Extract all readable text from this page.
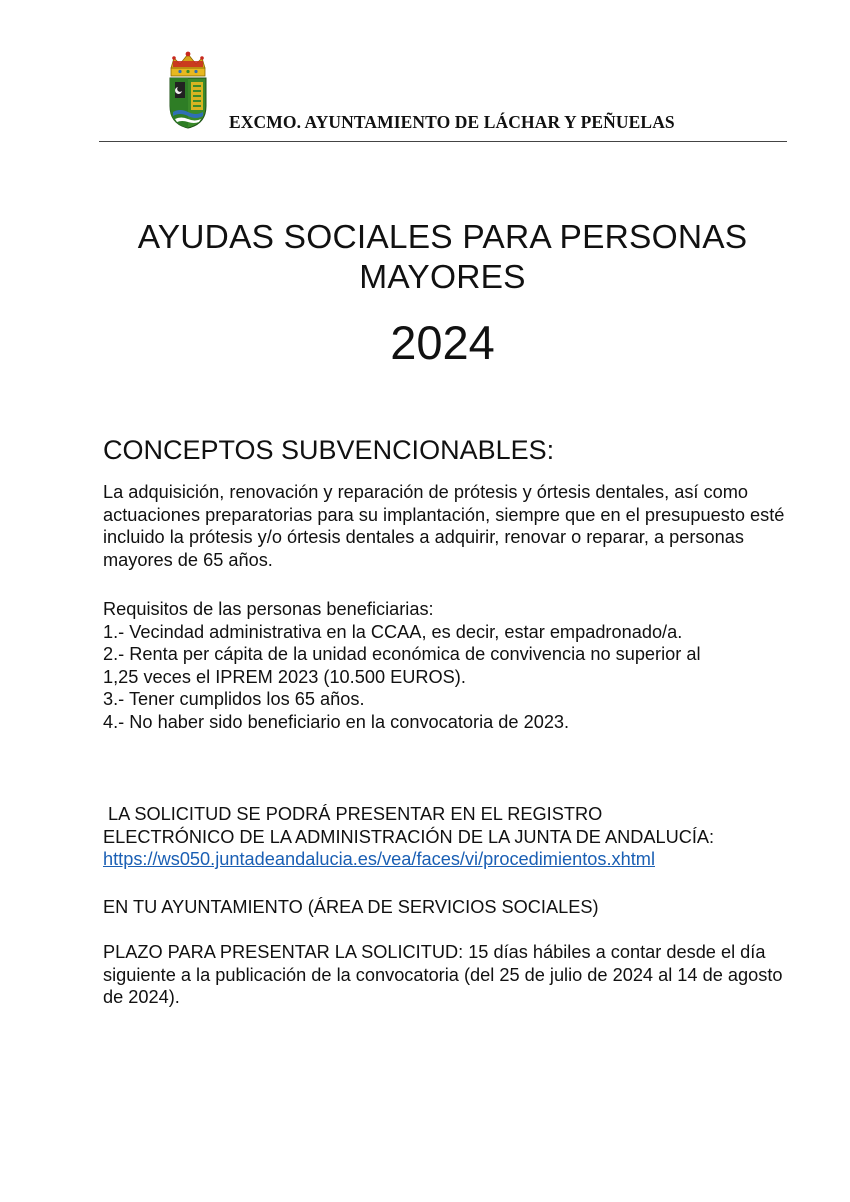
EXCMO. AYUNTAMIENTO DE LÁCHAR Y PEÑUELAS
AYUDAS SOCIALES PARA PERSONAS
MAYORES
2024
CONCEPTOS SUBVENCIONABLES:
La adquisición, renovación y reparación de prótesis y órtesis dentales, así como actuaciones preparatorias para su implantación, siempre que en el presupuesto esté incluido la prótesis y/o órtesis dentales a adquirir, renovar o reparar, a personas mayores de 65 años.
Requisitos de las personas beneficiarias:
1.- Vecindad administrativa en la CCAA, es decir, estar empadronado/a.
2.- Renta per cápita de la unidad económica de convivencia no superior al
1,25 veces el IPREM 2023 (10.500 EUROS).
3.- Tener cumplidos los 65 años.
4.- No haber sido beneficiario en la convocatoria de 2023.
LA SOLICITUD SE PODRÁ PRESENTAR EN EL REGISTRO
ELECTRÓNICO DE LA ADMINISTRACIÓN DE LA JUNTA DE ANDALUCÍA:
https://ws050.juntadeandalucia.es/vea/faces/vi/procedimientos.xhtml
EN TU AYUNTAMIENTO (ÁREA DE SERVICIOS SOCIALES)
PLAZO PARA PRESENTAR LA SOLICITUD: 15 días hábiles a contar desde el día siguiente a la publicación de la convocatoria (del 25 de julio de 2024 al 14 de agosto de 2024).
